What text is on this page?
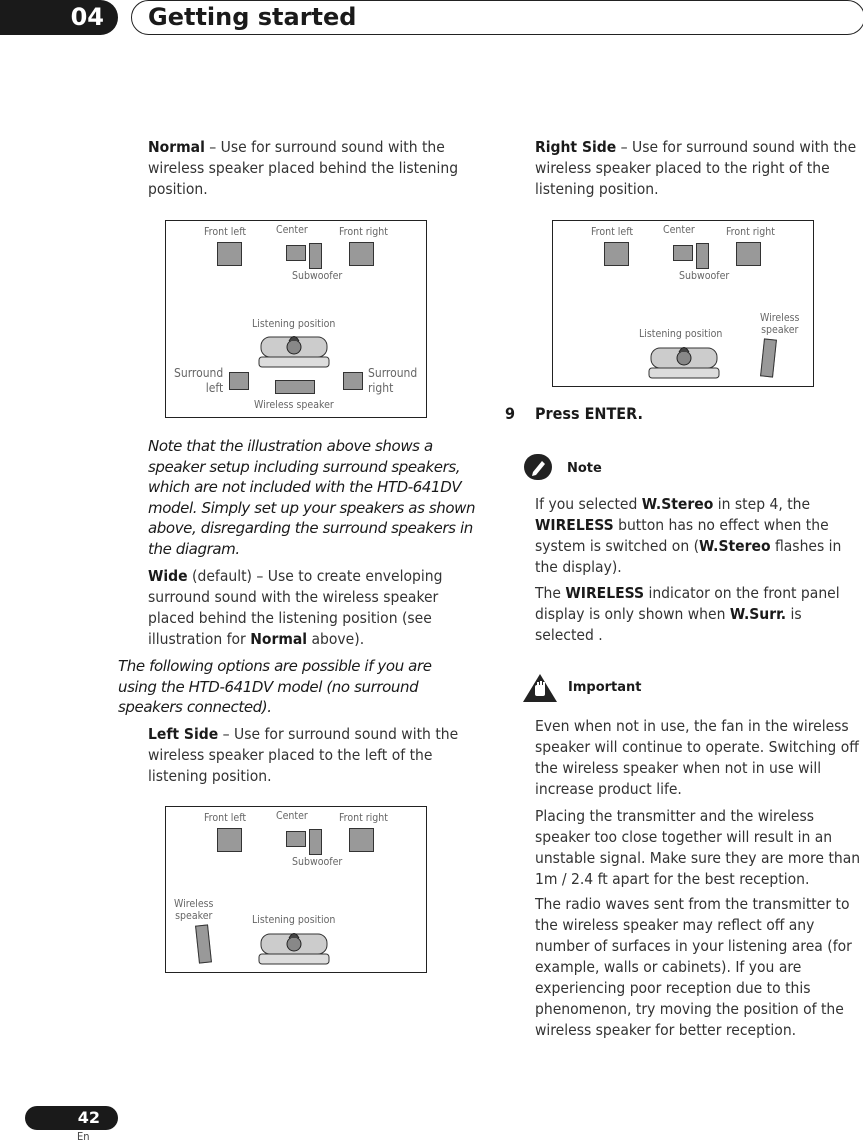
04	Getting started
Normal – Use for surround sound with the wireless speaker placed behind the listening position.
Front left	Center	Front right
Subwoofer
Listening position
Surround
left
Surround
right
Wireless speaker
Note that the illustration above shows a speaker setup including surround speakers, which are not included with the HTD-641DV model. Simply set up your speakers as shown above, disregarding the surround speakers in the diagram.
Wide (default) – Use to create enveloping surround sound with the wireless speaker placed behind the listening position (see illustration for Normal above).
The following options are possible if you are using the HTD-641DV model (no surround speakers connected).
Left Side – Use for surround sound with the wireless speaker placed to the left of the listening position.
Front left	Center	Front right
Subwoofer
Wireless
speaker	Listening position
Right Side – Use for surround sound with the wireless speaker placed to the right of the listening position.
Front left	Center	Front right
Subwoofer
Listening position
Wireless
speaker
9 Press ENTER.
Note
If you selected W.Stereo in step 4, the WIRELESS button has no effect when the system is switched on (W.Stereo flashes in the display).
The WIRELESS indicator on the front panel display is only shown when W.Surr. is selected .
Important
Even when not in use, the fan in the wireless speaker will continue to operate. Switching off the wireless speaker when not in use will increase product life.
Placing the transmitter and the wireless speaker too close together will result in an unstable signal. Make sure they are more than 1m / 2.4 ft apart for the best reception.
The radio waves sent from the transmitter to the wireless speaker may reflect off any number of surfaces in your listening area (for example, walls or cabinets). If you are experiencing poor reception due to this phenomenon, try moving the position of the wireless speaker for better reception.
42
En
